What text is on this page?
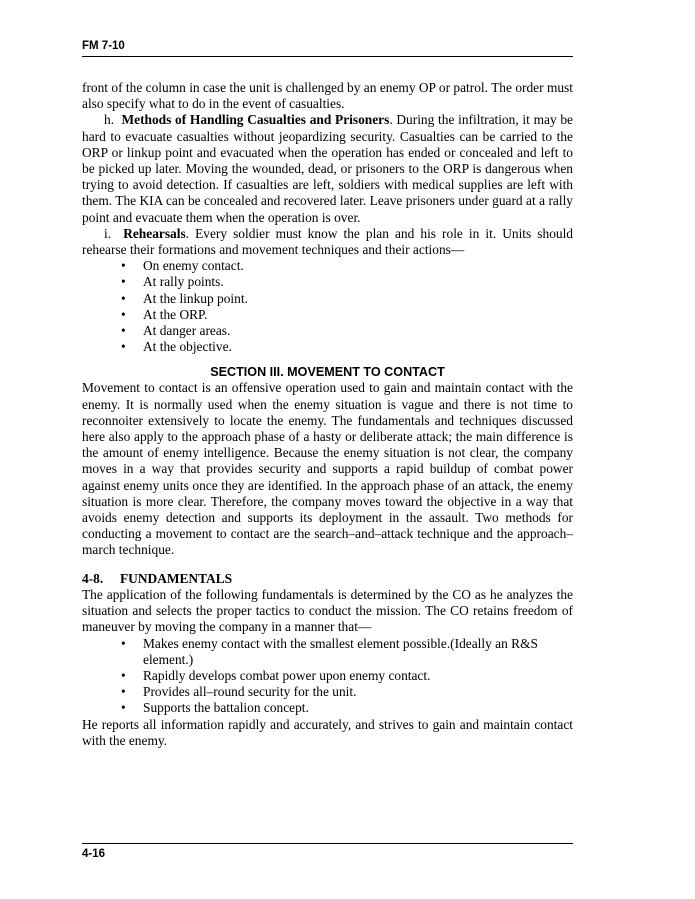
FM 7-10

front of the column in case the unit is challenged by an enemy OP or patrol. The order must also specify what to do in the event of casualties.

h. Methods of Handling Casualties and Prisoners. During the infiltration, it may be hard to evacuate casualties without jeopardizing security. Casualties can be carried to the ORP or linkup point and evacuated when the operation has ended or concealed and left to be picked up later. Moving the wounded, dead, or prisoners to the ORP is dangerous when trying to avoid detection. If casualties are left, soldiers with medical supplies are left with them. The KIA can be concealed and recovered later. Leave prisoners under guard at a rally point and evacuate them when the operation is over.

i. Rehearsals. Every soldier must know the plan and his role in it. Units should rehearse their formations and movement techniques and their actions—

• On enemy contact.
• At rally points.
• At the linkup point.
• At the ORP.
• At danger areas.
• At the objective.
SECTION III. MOVEMENT TO CONTACT

Movement to contact is an offensive operation used to gain and maintain contact with the enemy. It is normally used when the enemy situation is vague and there is not time to reconnoiter extensively to locate the enemy. The fundamentals and techniques discussed here also apply to the approach phase of a hasty or deliberate attack; the main difference is the amount of enemy intelligence. Because the enemy situation is not clear, the company moves in a way that provides security and supports a rapid buildup of combat power against enemy units once they are identified. In the approach phase of an attack, the enemy situation is more clear. Therefore, the company moves toward the objective in a way that avoids enemy detection and supports its deployment in the assault. Two methods for conducting a movement to contact are the search–and–attack technique and the approach–march technique.

4-8. FUNDAMENTALS

The application of the following fundamentals is determined by the CO as he analyzes the situation and selects the proper tactics to conduct the mission. The CO retains freedom of maneuver by moving the company in a manner that—

• Makes enemy contact with the smallest element possible.(Ideally an R&S element.)
• Rapidly develops combat power upon enemy contact.
• Provides all–round security for the unit.
• Supports the battalion concept.

He reports all information rapidly and accurately, and strives to gain and maintain contact with the enemy.

4-16
